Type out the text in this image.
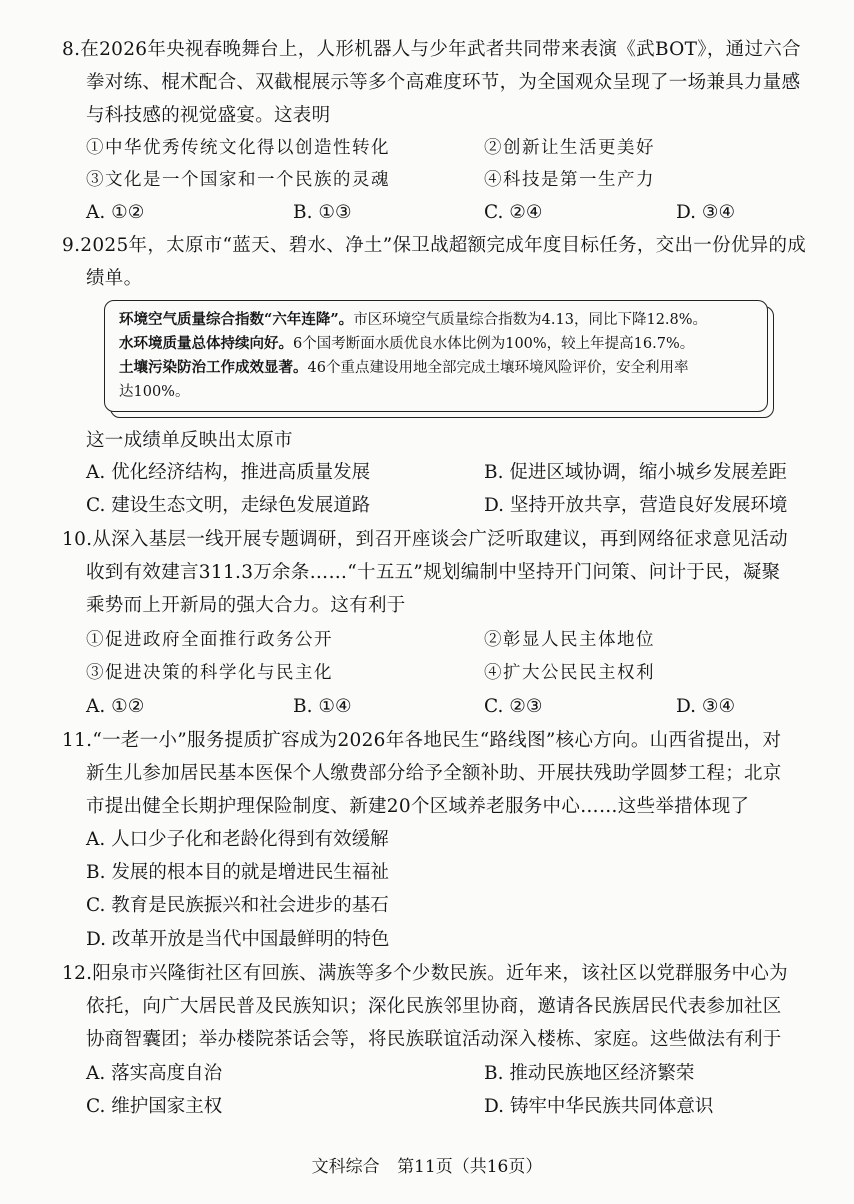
8.在2026年央视春晚舞台上，人形机器人与少年武者共同带来表演《武BOT》，通过六合
拳对练、棍术配合、双截棍展示等多个高难度环节，为全国观众呈现了一场兼具力量感
与科技感的视觉盛宴。这表明
①中华优秀传统文化得以创造性转化	②创新让生活更美好
③文化是一个国家和一个民族的灵魂	④科技是第一生产力
A. ①②	B. ①③	C. ②④	D. ③④
9.2025年，太原市“蓝天、碧水、净土”保卫战超额完成年度目标任务，交出一份优异的成
绩单。
环境空气质量综合指数“六年连降”。市区环境空气质量综合指数为4.13，同比下降12.8%。
水环境质量总体持续向好。6个国考断面水质优良水体比例为100%，较上年提高16.7%。
土壤污染防治工作成效显著。46个重点建设用地全部完成土壤环境风险评价，安全利用率
达100%。
这一成绩单反映出太原市
A. 优化经济结构，推进高质量发展	B. 促进区域协调，缩小城乡发展差距
C. 建设生态文明，走绿色发展道路	D. 坚持开放共享，营造良好发展环境
10.从深入基层一线开展专题调研，到召开座谈会广泛听取建议，再到网络征求意见活动
收到有效建言311.3万余条……“十五五”规划编制中坚持开门问策、问计于民，凝聚
乘势而上开新局的强大合力。这有利于
①促进政府全面推行政务公开	②彰显人民主体地位
③促进决策的科学化与民主化	④扩大公民民主权利
A. ①②	B. ①④	C. ②③	D. ③④
11.“一老一小”服务提质扩容成为2026年各地民生“路线图”核心方向。山西省提出，对
新生儿参加居民基本医保个人缴费部分给予全额补助、开展扶残助学圆梦工程；北京
市提出健全长期护理保险制度、新建20个区域养老服务中心……这些举措体现了
A. 人口少子化和老龄化得到有效缓解
B. 发展的根本目的就是增进民生福祉
C. 教育是民族振兴和社会进步的基石
D. 改革开放是当代中国最鲜明的特色
12.阳泉市兴隆街社区有回族、满族等多个少数民族。近年来，该社区以党群服务中心为
依托，向广大居民普及民族知识；深化民族邻里协商，邀请各民族居民代表参加社区
协商智囊团；举办楼院茶话会等，将民族联谊活动深入楼栋、家庭。这些做法有利于
A. 落实高度自治	B. 推动民族地区经济繁荣
C. 维护国家主权	D. 铸牢中华民族共同体意识
文科综合 第11页（共16页）
